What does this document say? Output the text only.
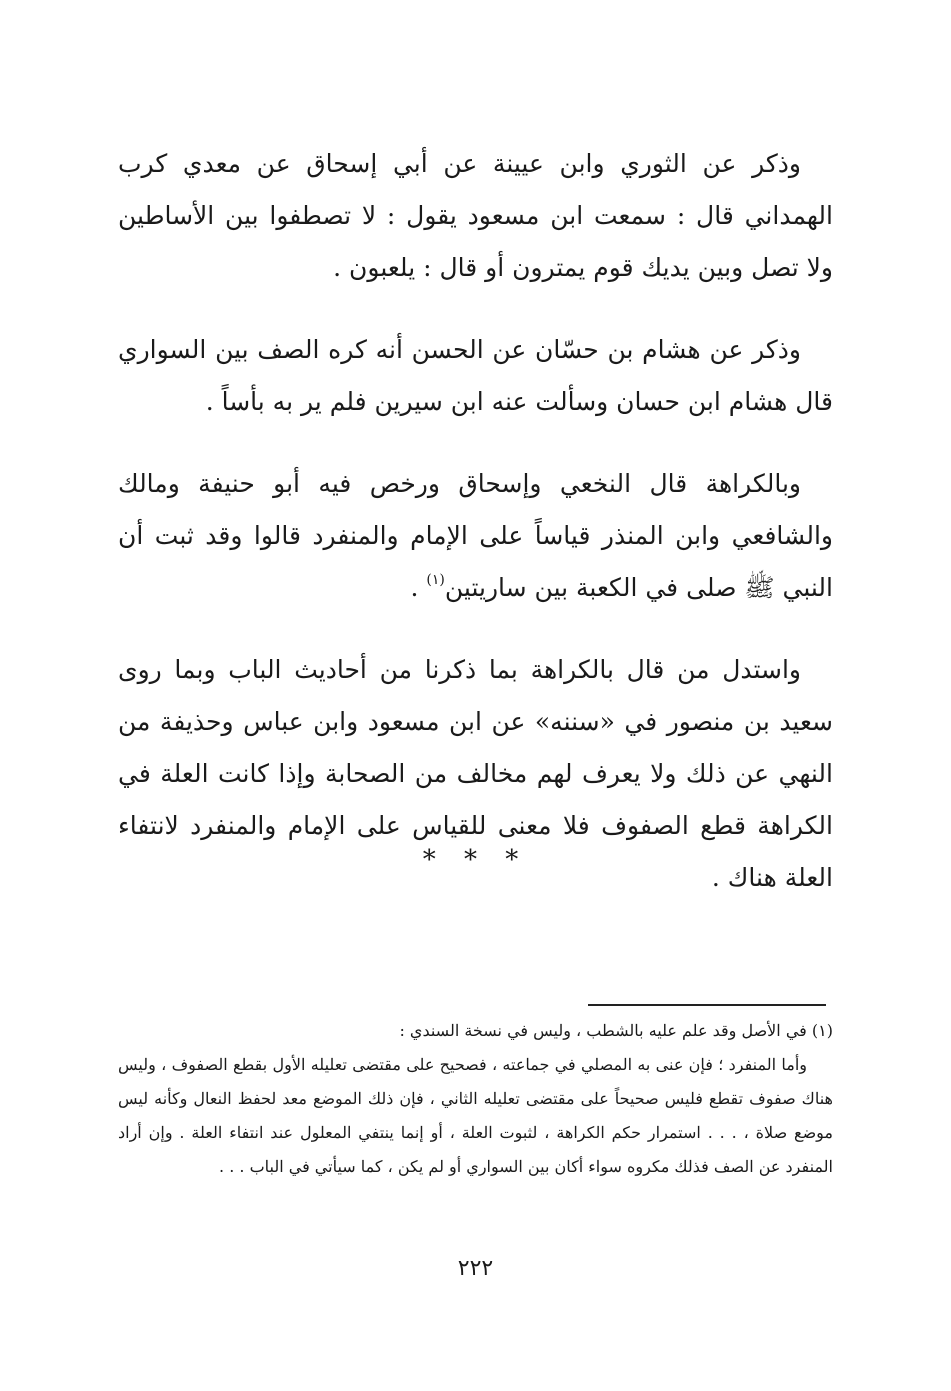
وذكر عن الثوري وابن عيينة عن أبي إسحاق عن معدي كرب الهمداني قال : سمعت ابن مسعود يقول : لا تصطفوا بين الأساطين ولا تصل وبين يديك قوم يمترون أو قال : يلعبون .

وذكر عن هشام بن حسّان عن الحسن أنه كره الصف بين السواري قال هشام ابن حسان وسألت عنه ابن سيرين فلم ير به بأساً .

وبالكراهة قال النخعي وإسحاق ورخص فيه أبو حنيفة ومالك والشافعي وابن المنذر قياساً على الإمام والمنفرد قالوا وقد ثبت أن النبي ﷺ صلى في الكعبة بين ساريتين$^{(١)}$ .

واستدل من قال بالكراهة بما ذكرنا من أحاديث الباب وبما روى سعيد بن منصور في «سننه» عن ابن مسعود وابن عباس وحذيفة من النهي عن ذلك ولا يعرف لهم مخالف من الصحابة وإذا كانت العلة في الكراهة قطع الصفوف فلا معنى للقياس على الإمام والمنفرد لانتفاء العلة هناك .

* * *

(١) في الأصل وقد علم عليه بالشطب ، وليس في نسخة السندي :

وأما المنفرد ؛ فإن عنى به المصلي في جماعته ، فصحيح على مقتضى تعليله الأول بقطع الصفوف ، وليس هناك صفوف تقطع فليس صحيحاً على مقتضى تعليله الثاني ، فإن ذلك الموضع معد لحفظ النعال وكأنه ليس موضع صلاة ، . . . استمرار حكم الكراهة ، لثبوت العلة ، أو إنما ينتفي المعلول عند انتفاء العلة . وإن أراد المنفرد عن الصف فذلك مكروه سواء أكان بين السواري أو لم يكن ، كما سيأتي في الباب . . .

٢٢٢
